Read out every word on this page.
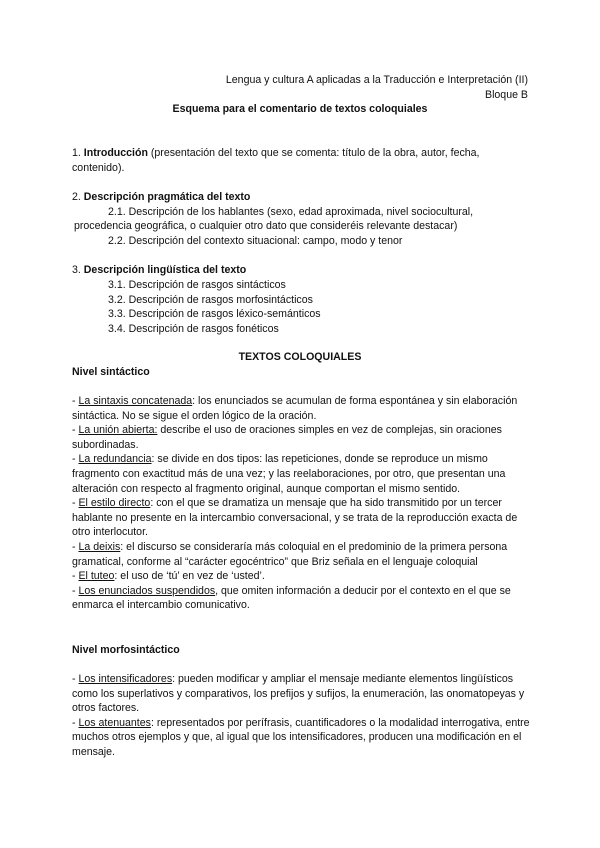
Lengua y cultura A aplicadas a la Traducción e Interpretación (II)
Bloque B
Esquema para el comentario de textos coloquiales
1. Introducción (presentación del texto que se comenta: título de la obra, autor, fecha,
contenido).
2. Descripción pragmática del texto
2.1. Descripción de los hablantes (sexo, edad aproximada, nivel sociocultural,
procedencia geográfica, o cualquier otro dato que consideréis relevante destacar)
2.2. Descripción del contexto situacional: campo, modo y tenor
3. Descripción lingüística del texto
3.1. Descripción de rasgos sintácticos
3.2. Descripción de rasgos morfosintácticos
3.3. Descripción de rasgos léxico-semánticos
3.4. Descripción de rasgos fonéticos
TEXTOS COLOQUIALES
Nivel sintáctico

- La sintaxis concatenada: los enunciados se acumulan de forma espontánea y sin elaboración sintáctica. No se sigue el orden lógico de la oración.

- La unión abierta: describe el uso de oraciones simples en vez de complejas, sin oraciones subordinadas.

- La redundancia: se divide en dos tipos: las repeticiones, donde se reproduce un mismo fragmento con exactitud más de una vez; y las reelaboraciones, por otro, que presentan una alteración con respecto al fragmento original, aunque comportan el mismo sentido.

- El estilo directo: con el que se dramatiza un mensaje que ha sido transmitido por un tercer hablante no presente en la intercambio conversacional, y se trata de la reproducción exacta de otro interlocutor.

- La deixis: el discurso se consideraría más coloquial en el predominio de la primera persona gramatical, conforme al “carácter egocéntrico” que Briz señala en el lenguaje coloquial

- El tuteo: el uso de ‘tú’ en vez de ‘usted’.

- Los enunciados suspendidos, que omiten información a deducir por el contexto en el que se enmarca el intercambio comunicativo.

Nivel morfosintáctico

- Los intensificadores: pueden modificar y ampliar el mensaje mediante elementos lingüísticos como los superlativos y comparativos, los prefijos y sufijos, la enumeración, las onomatopeyas y otros factores.

- Los atenuantes: representados por perífrasis, cuantificadores o la modalidad interrogativa, entre muchos otros ejemplos y que, al igual que los intensificadores, producen una modificación en el mensaje.
